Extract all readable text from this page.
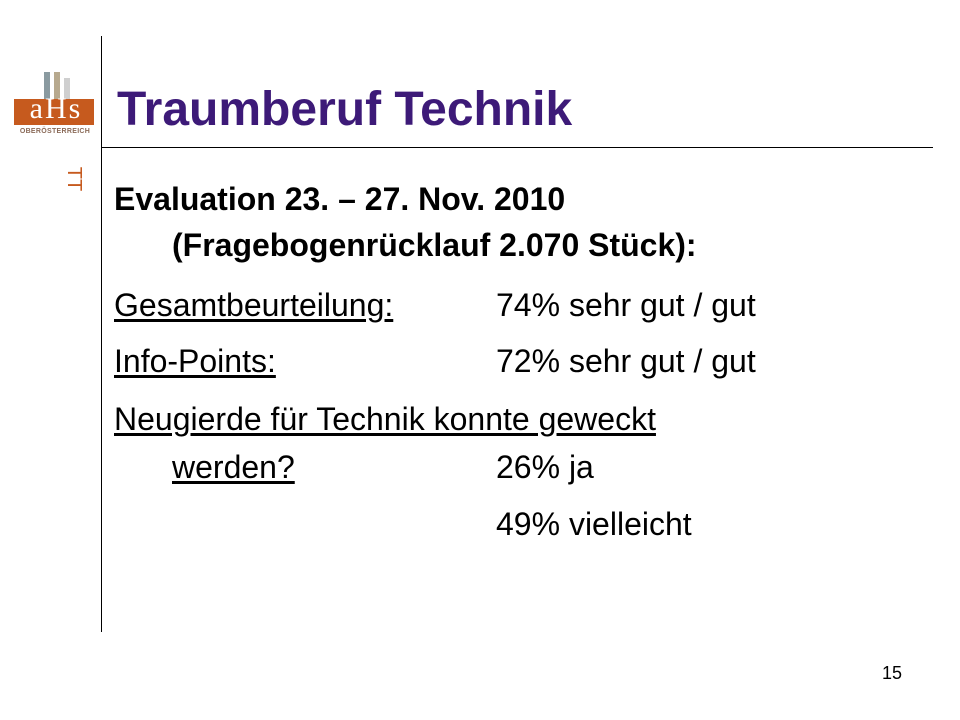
aHs
OBERÖSTERREICH Traumberuf Technik
TT
Evaluation 23. – 27. Nov. 2010
(Fragebogenrücklauf 2.070 Stück):
Gesamtbeurteilung:	74% sehr gut / gut
Info-Points:	72% sehr gut / gut
Neugierde für Technik konnte geweckt
werden?	26% ja
49% vielleicht
15
